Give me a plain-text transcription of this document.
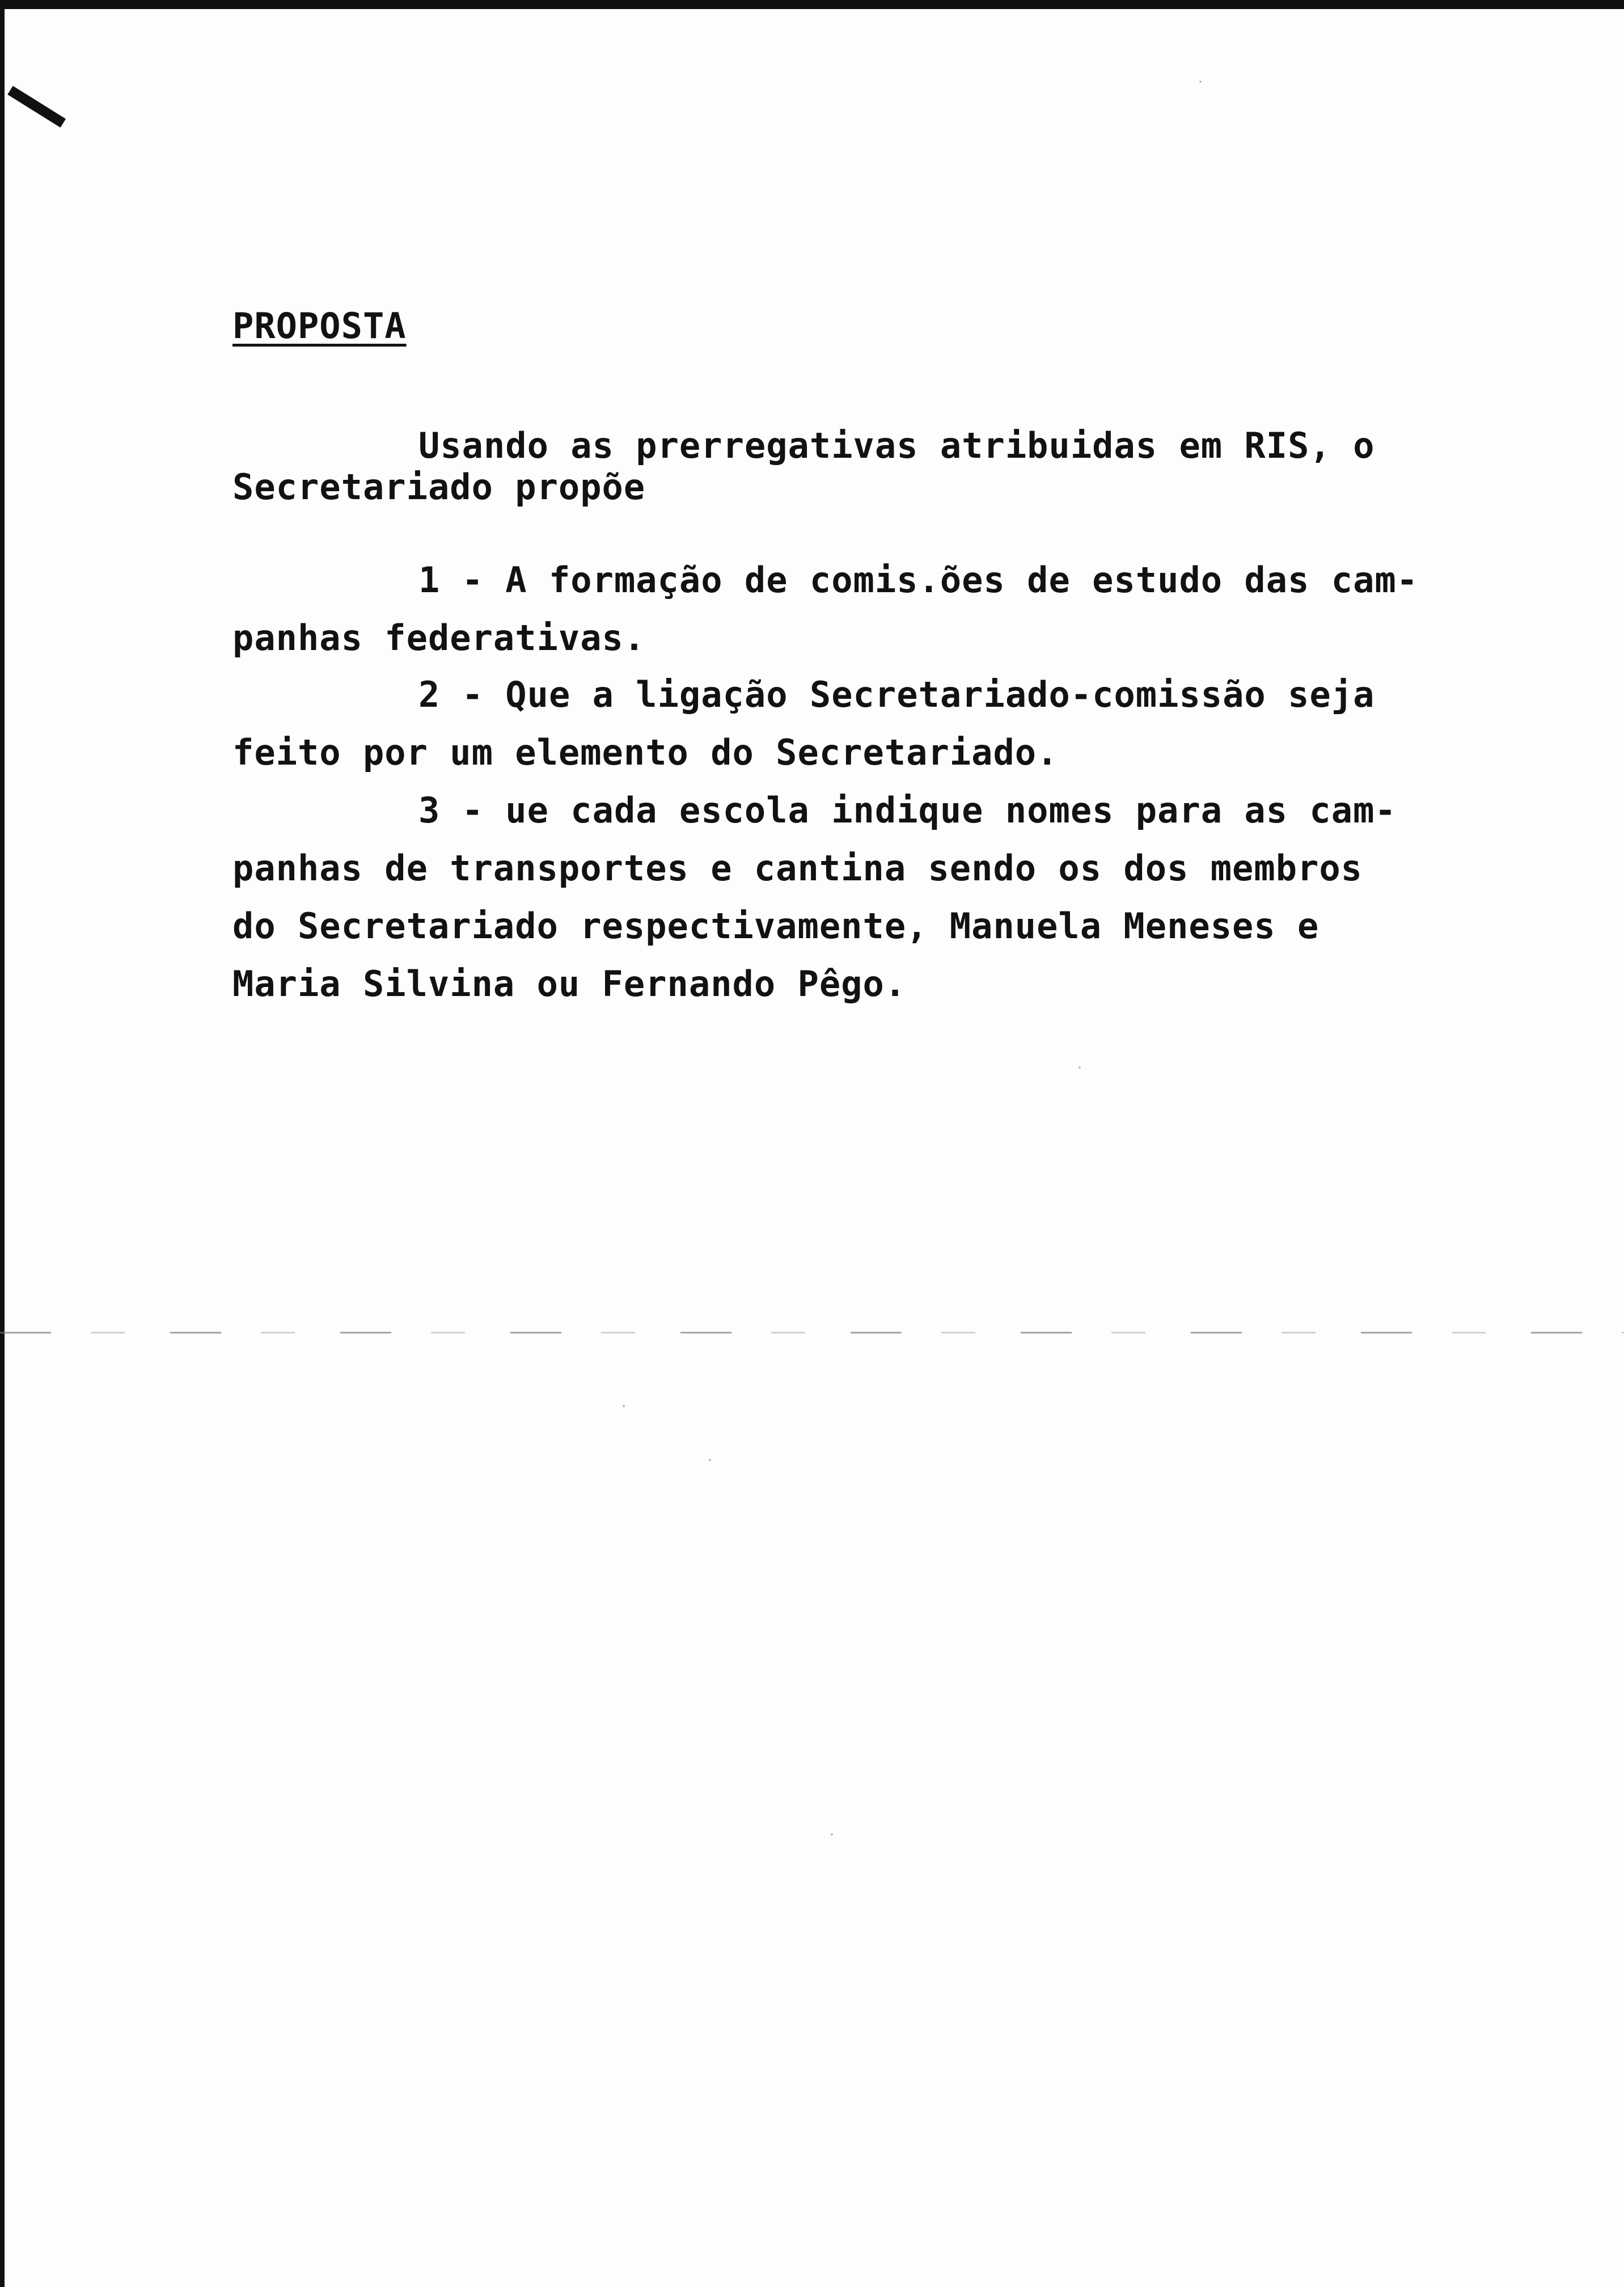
PROPOSTA
Usando as prerregativas atribuidas em RIS, o
Secretariado propõe
1 - A formação de comis.ões de estudo das cam-
panhas federativas.
2 - Que a ligação Secretariado-comissão seja
feito por um elemento do Secretariado.
3 - ue cada escola indique nomes para as cam-
panhas de transportes e cantina sendo os dos membros
do Secretariado respectivamente, Manuela Meneses e
Maria Silvina ou Fernando Pêgo.
